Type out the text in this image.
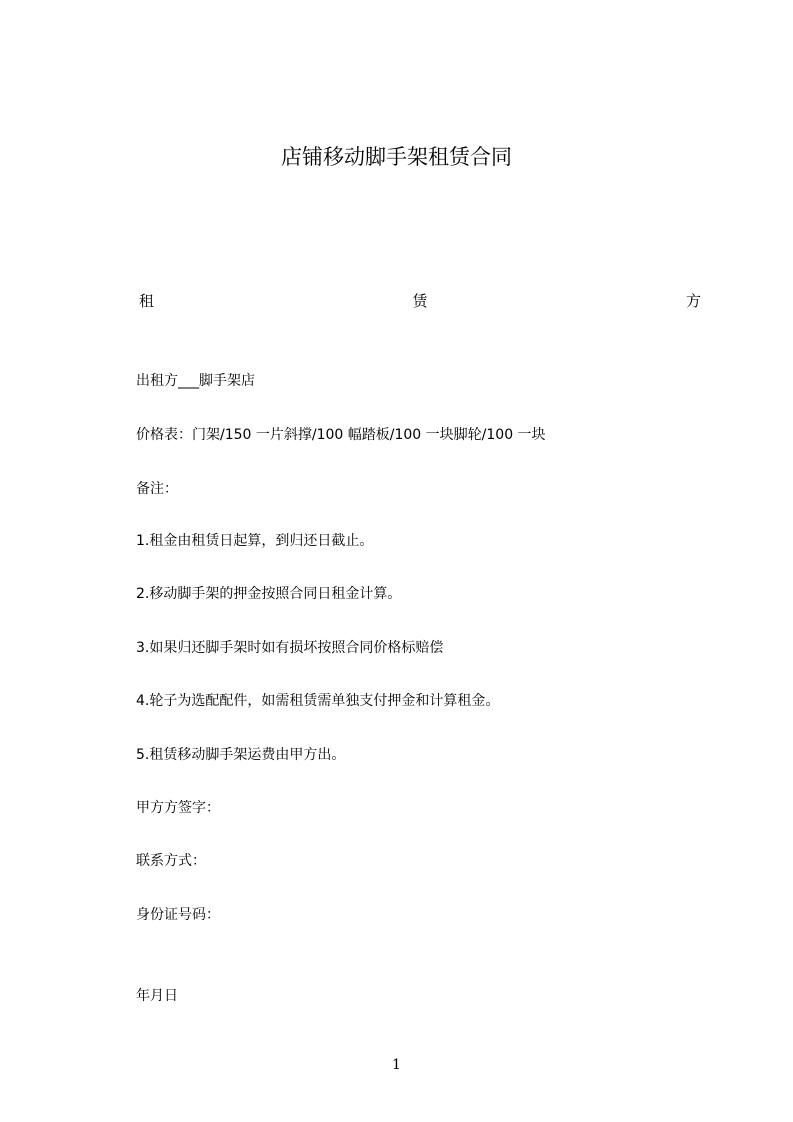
店铺移动脚手架租赁合同
租	赁	方
出租方___脚手架店
价格表：门架/150 一片斜撑/100 幅踏板/100 一块脚轮/100 一块
备注：
1.租金由租赁日起算，到归还日截止。
2.移动脚手架的押金按照合同日租金计算。
3.如果归还脚手架时如有损坏按照合同价格标赔偿
4.轮子为选配配件，如需租赁需单独支付押金和计算租金。
5.租赁移动脚手架运费由甲方出。
甲方方签字：
联系方式：
身份证号码：
年月日
1
